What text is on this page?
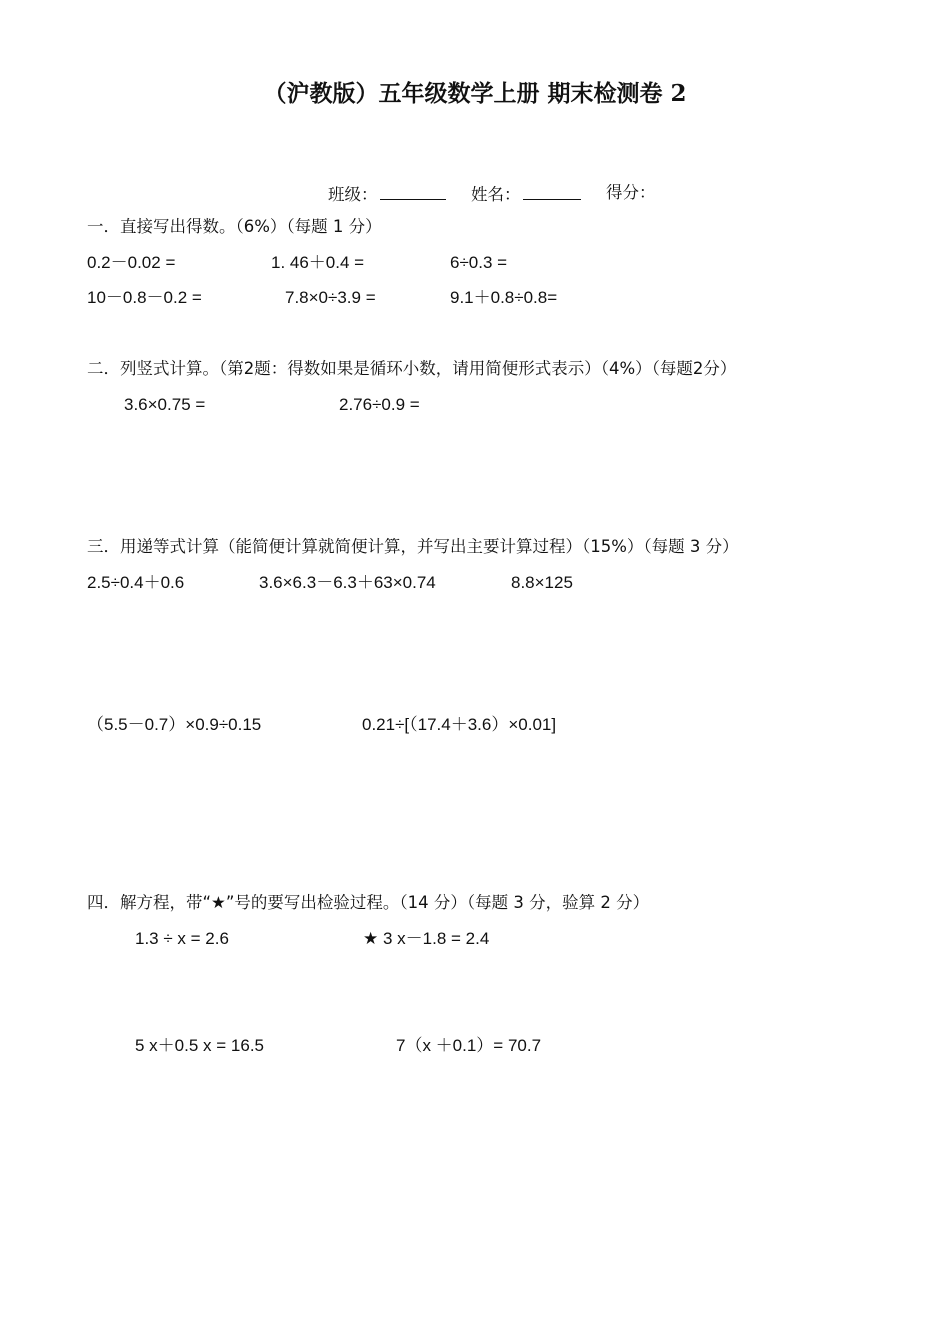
（沪教版）五年级数学上册 期末检测卷 2
班级：	姓名：	得分：
一．直接写出得数。（6%）（每题 1 分）
0.2－0.02 =	1. 46＋0.4 =	6÷0.3 =
10－0.8－0.2 =	7.8×0÷3.9 =	9.1＋0.8÷0.8=
二．列竖式计算。（第2题：得数如果是循环小数，请用简便形式表示）（4%）（每题2分）
3.6×0.75 =	2.76÷0.9 =
三．用递等式计算（能简便计算就简便计算，并写出主要计算过程）（15%）（每题 3 分）
2.5÷0.4＋0.6	3.6×6.3－6.3＋63×0.74	8.8×125
（5.5－0.7）×0.9÷0.15	0.21÷[（17.4＋3.6）×0.01]
四．解方程，带“★”号的要写出检验过程。（14 分）（每题 3 分，验算 2 分）
1.3 ÷ x = 2.6	★ 3 x－1.8 = 2.4
5 x＋0.5 x = 16.5	7（x ＋0.1）= 70.7
